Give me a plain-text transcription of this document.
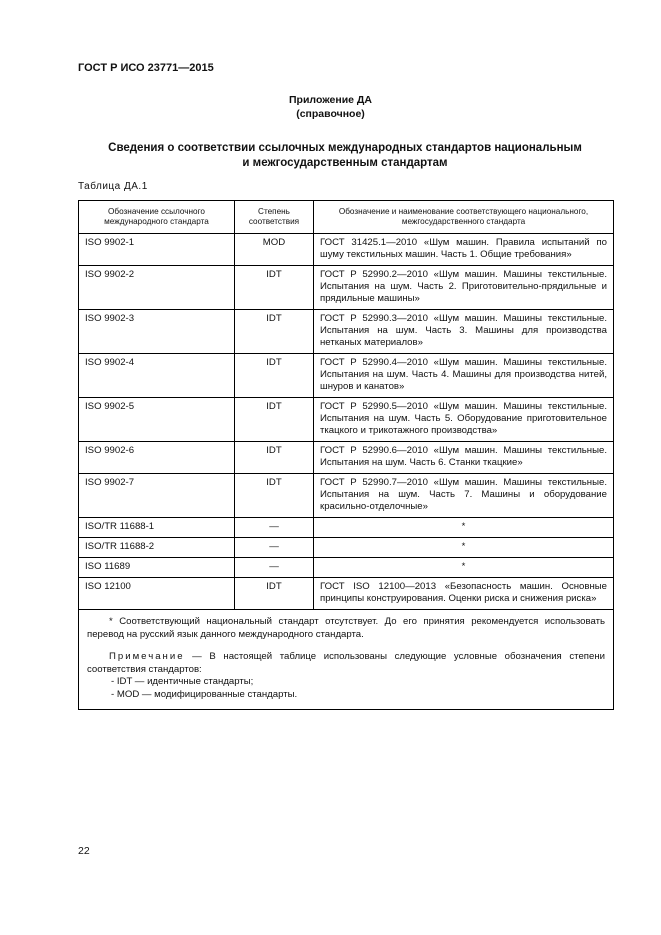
ГОСТ Р ИСО 23771—2015
Приложение ДА
(справочное)
Сведения о соответствии ссылочных международных стандартов национальным
и межгосударственным стандартам
Таблица ДА.1
Обозначение ссылочного международного стандарта	Степень соответствия	Обозначение и наименование соответствующего национального, межгосударственного стандарта
ISO 9902-1	MOD	ГОСТ 31425.1—2010 «Шум машин. Правила испытаний по шуму текстильных машин. Часть 1. Общие требования»
ISO 9902-2	IDT	ГОСТ Р 52990.2—2010 «Шум машин. Машины текстильные. Испытания на шум. Часть 2. Приготовительно-прядильные и прядильные машины»
ISO 9902-3	IDT	ГОСТ Р 52990.3—2010 «Шум машин. Машины текстильные. Испытания на шум. Часть 3. Машины для производства нетканых материалов»
ISO 9902-4	IDT	ГОСТ Р 52990.4—2010 «Шум машин. Машины текстильные. Испытания на шум. Часть 4. Машины для производства нитей, шнуров и канатов»
ISO 9902-5	IDT	ГОСТ Р 52990.5—2010 «Шум машин. Машины текстильные. Испытания на шум. Часть 5. Оборудование приготовительное ткацкого и трикотажного производства»
ISO 9902-6	IDT	ГОСТ Р 52990.6—2010 «Шум машин. Машины текстильные. Испытания на шум. Часть 6. Станки ткацкие»
ISO 9902-7	IDT	ГОСТ Р 52990.7—2010 «Шум машин. Машины текстильные. Испытания на шум. Часть 7. Машины и оборудование красильно-отделочные»
ISO/TR 11688-1	—	*
ISO/TR 11688-2	—	*
ISO 11689	—	*
ISO 12100	IDT	ГОСТ ISO 12100—2013 «Безопасность машин. Основные принципы конструирования. Оценки риска и снижения риска»

* Соответствующий национальный стандарт отсутствует. До его принятия рекомендуется использовать перевод на русский язык данного международного стандарта.

Примечание — В настоящей таблице использованы следующие условные обозначения степени соответствия стандартов:

- IDT — идентичные стандарты;

- MOD — модифицированные стандарты.		

22
